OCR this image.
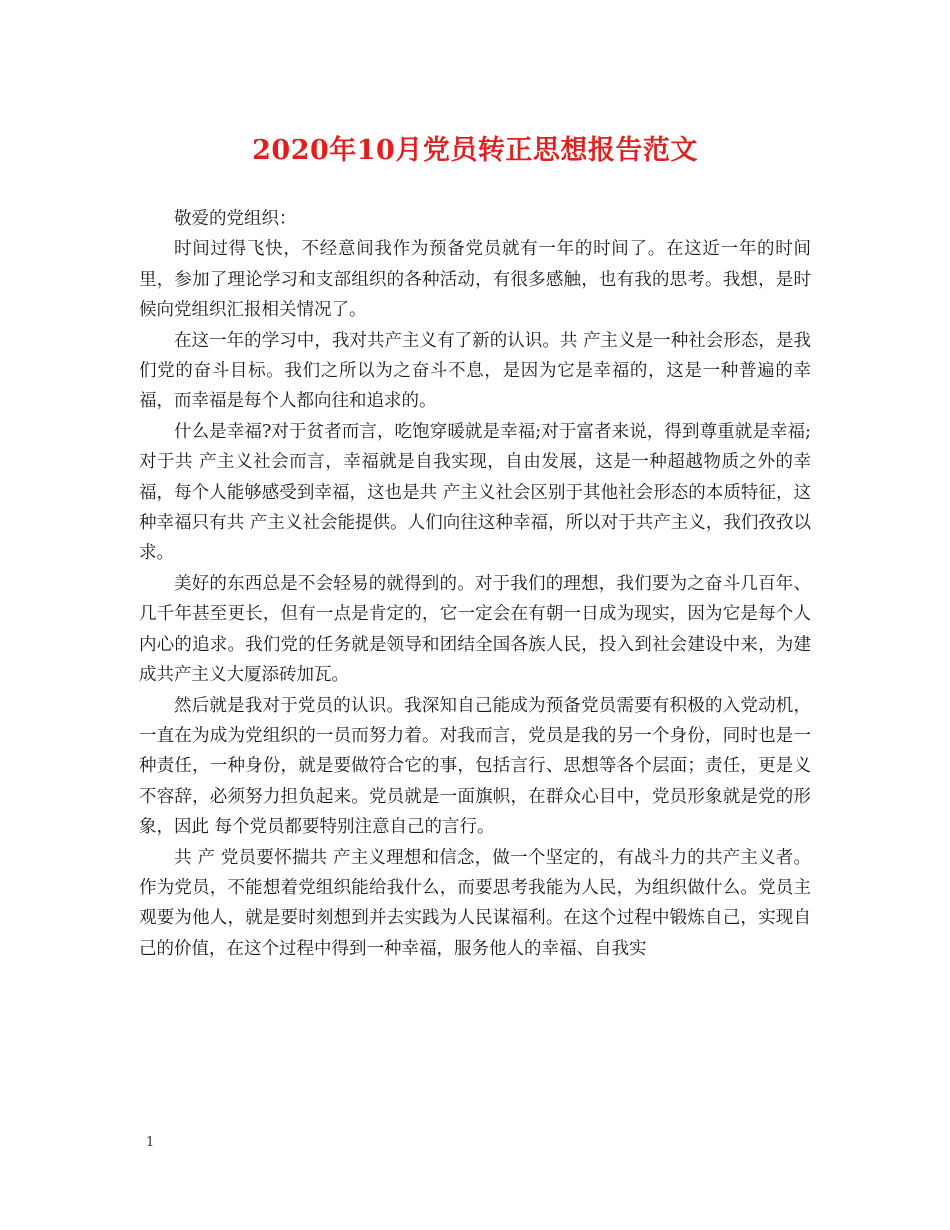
2020年10月党员转正思想报告范文

敬爱的党组织：

时间过得飞快，不经意间我作为预备党员就有一年的时间了。在这近一年的时间里，参加了理论学习和支部组织的各种活动，有很多感触，也有我的思考。我想，是时候向党组织汇报相关情况了。

在这一年的学习中，我对共产主义有了新的认识。共 产主义是一种社会形态，是我们党的奋斗目标。我们之所以为之奋斗不息，是因为它是幸福的，这是一种普遍的幸福，而幸福是每个人都向往和追求的。

什么是幸福?对于贫者而言，吃饱穿暖就是幸福;对于富者来说，得到尊重就是幸福;对于共 产主义社会而言，幸福就是自我实现，自由发展，这是一种超越物质之外的幸福，每个人能够感受到幸福，这也是共 产主义社会区别于其他社会形态的本质特征，这种幸福只有共 产主义社会能提供。人们向往这种幸福，所以对于共产主义，我们孜孜以求。

美好的东西总是不会轻易的就得到的。对于我们的理想，我们要为之奋斗几百年、几千年甚至更长，但有一点是肯定的，它一定会在有朝一日成为现实，因为它是每个人内心的追求。我们党的任务就是领导和团结全国各族人民，投入到社会建设中来，为建成共产主义大厦添砖加瓦。

然后就是我对于党员的认识。我深知自己能成为预备党员需要有积极的入党动机，一直在为成为党组织的一员而努力着。对我而言，党员是我的另一个身份，同时也是一种责任，一种身份，就是要做符合它的事，包括言行、思想等各个层面；责任，更是义不容辞，必须努力担负起来。党员就是一面旗帜，在群众心目中，党员形象就是党的形象，因此 每个党员都要特别注意自己的言行。

共 产 党员要怀揣共 产主义理想和信念，做一个坚定的，有战斗力的共产主义者。作为党员，不能想着党组织能给我什么，而要思考我能为人民，为组织做什么。党员主观要为他人，就是要时刻想到并去实践为人民谋福利。在这个过程中锻炼自己，实现自己的价值，在这个过程中得到一种幸福，服务他人的幸福、自我实

1
